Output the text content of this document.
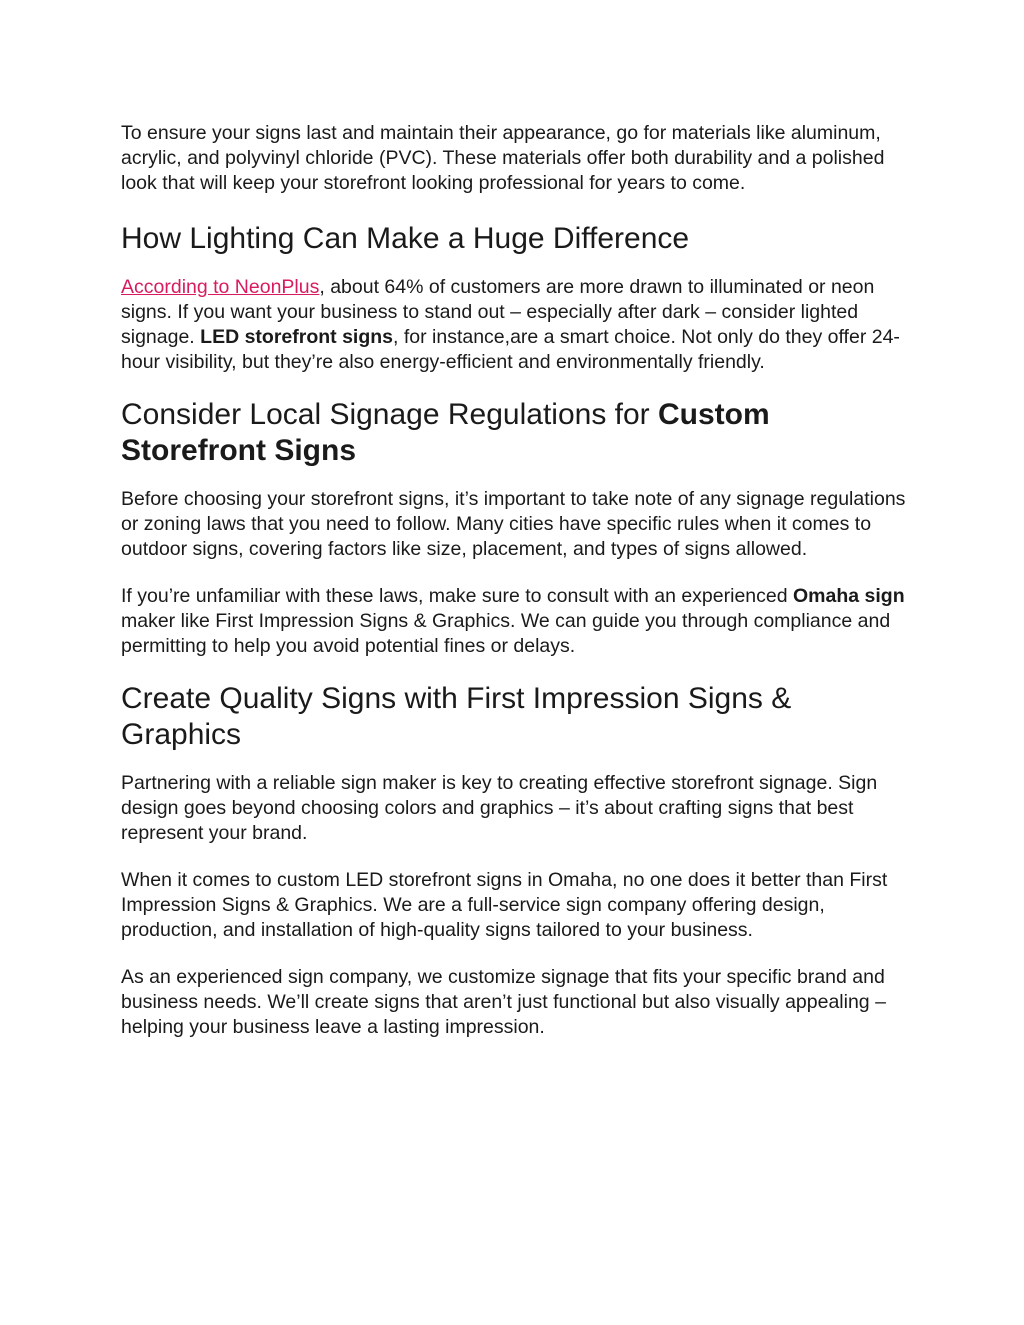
To ensure your signs last and maintain their appearance, go for materials like aluminum, acrylic, and polyvinyl chloride (PVC). These materials offer both durability and a polished look that will keep your storefront looking professional for years to come.

How Lighting Can Make a Huge Difference

According to NeonPlus, about 64% of customers are more drawn to illuminated or neon signs. If you want your business to stand out – especially after dark – consider lighted signage. LED storefront signs, for instance,are a smart choice. Not only do they offer 24-hour visibility, but they’re also energy-efficient and environmentally friendly.

Consider Local Signage Regulations for Custom Storefront Signs

Before choosing your storefront signs, it’s important to take note of any signage regulations or zoning laws that you need to follow. Many cities have specific rules when it comes to outdoor signs, covering factors like size, placement, and types of signs allowed.

If you’re unfamiliar with these laws, make sure to consult with an experienced Omaha sign maker like First Impression Signs & Graphics. We can guide you through compliance and permitting to help you avoid potential fines or delays.

Create Quality Signs with First Impression Signs & Graphics

Partnering with a reliable sign maker is key to creating effective storefront signage. Sign design goes beyond choosing colors and graphics – it’s about crafting signs that best represent your brand.

When it comes to custom LED storefront signs in Omaha, no one does it better than First Impression Signs & Graphics. We are a full-service sign company offering design, production, and installation of high-quality signs tailored to your business.

As an experienced sign company, we customize signage that fits your specific brand and business needs. We’ll create signs that aren’t just functional but also visually appealing – helping your business leave a lasting impression.
